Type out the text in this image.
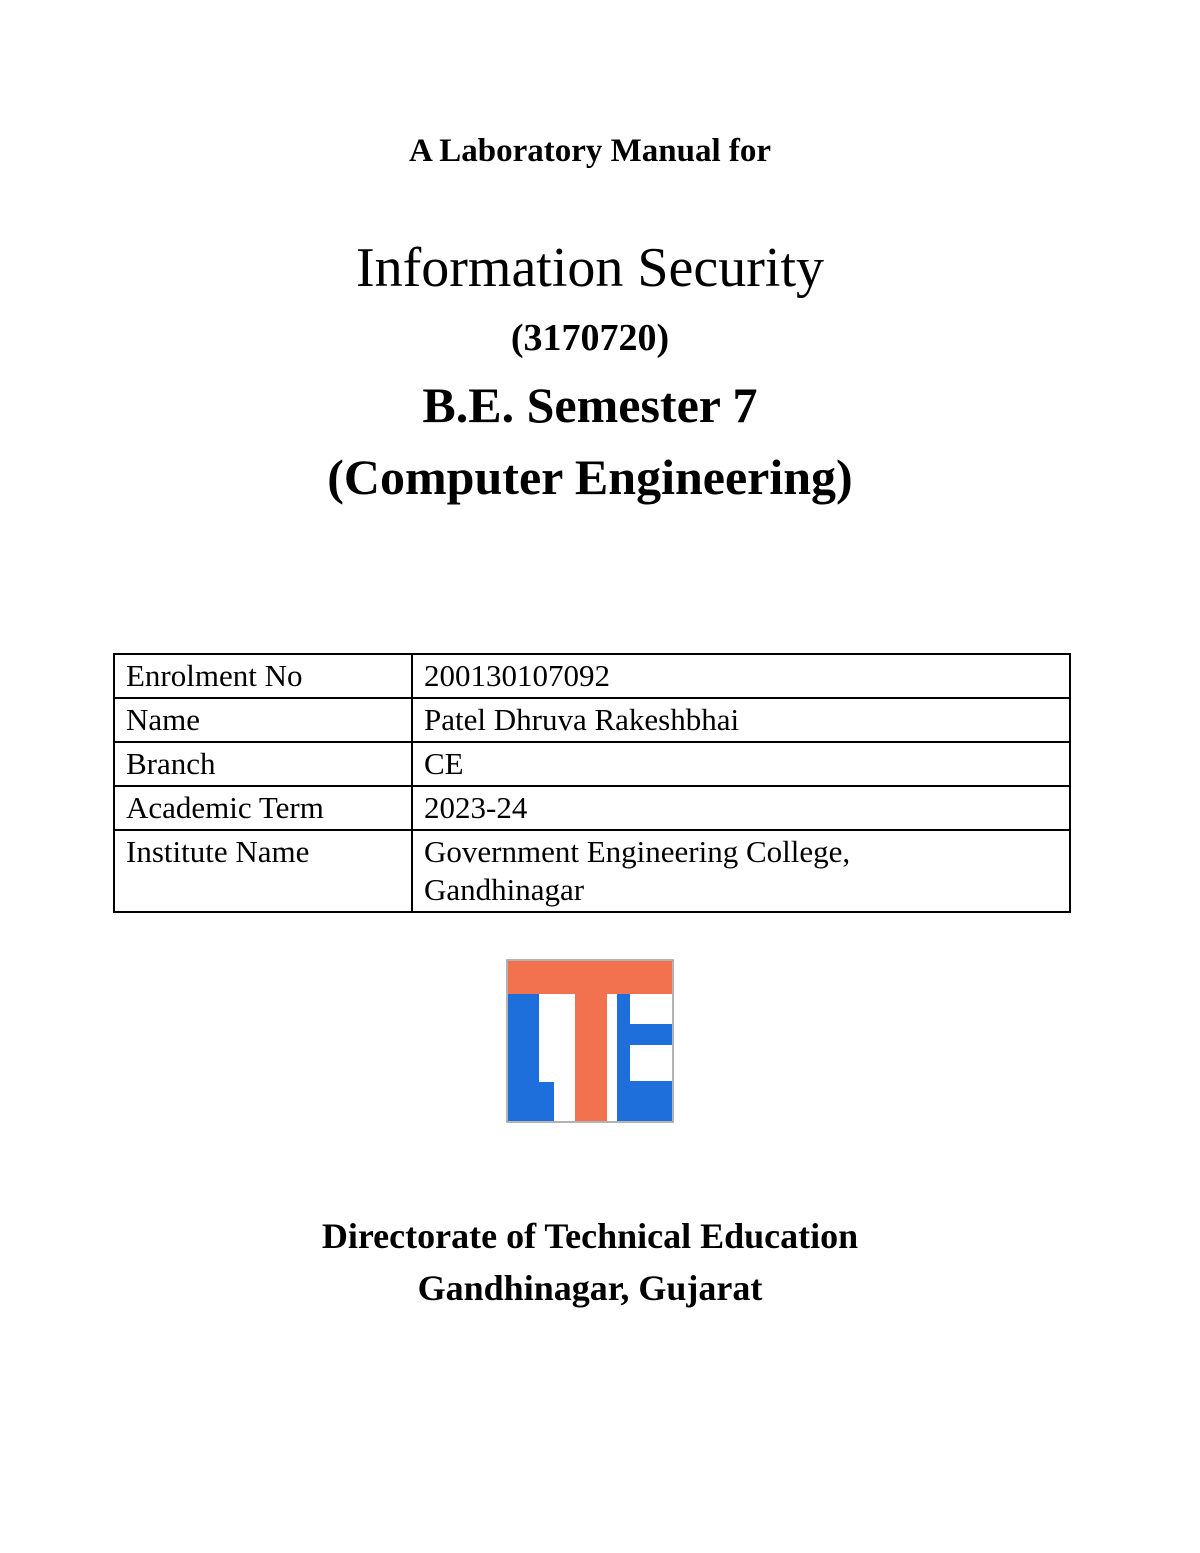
A Laboratory Manual for
Information Security
(3170720)
B.E. Semester 7
(Computer Engineering)
Enrolment No	200130107092
Name	Patel Dhruva Rakeshbhai
Branch	CE
Academic Term	2023-24
Institute Name	Government Engineering College,
Gandhinagar
Directorate of Technical Education
Gandhinagar, Gujarat
